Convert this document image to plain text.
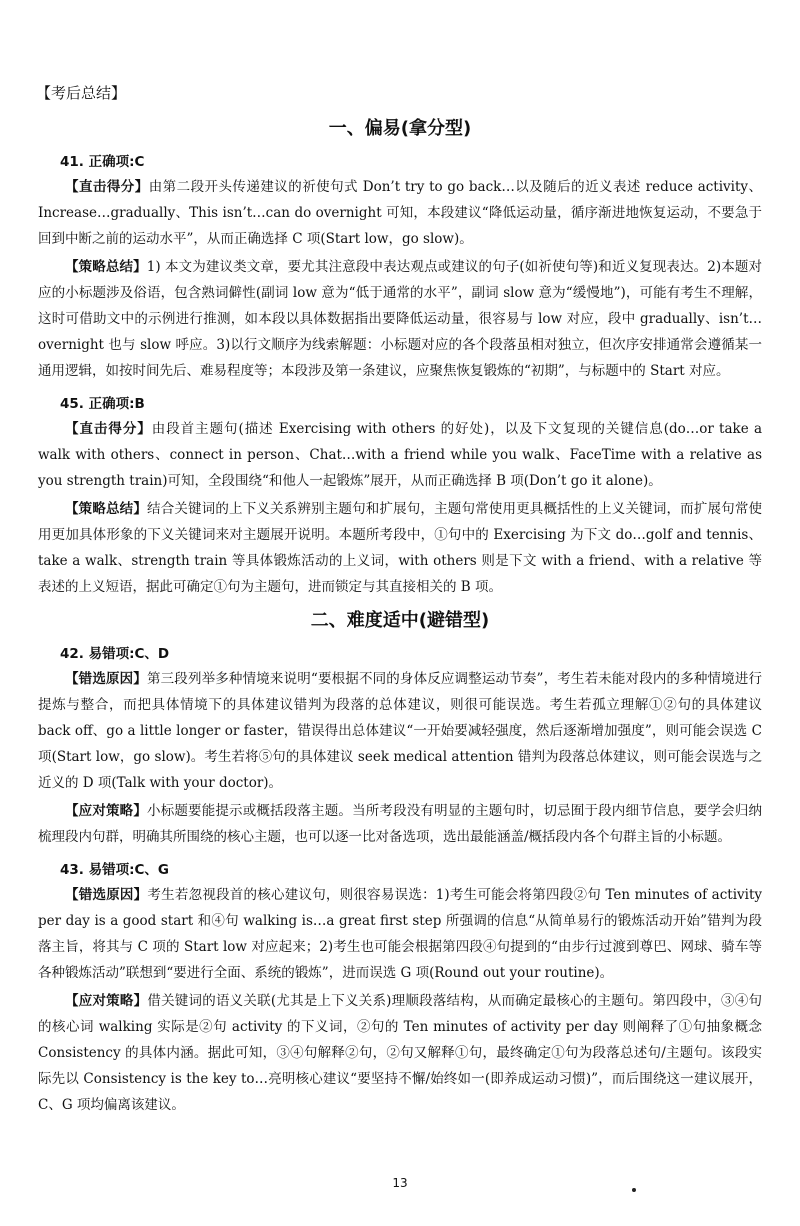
【考后总结】
一、偏易(拿分型)
41. 正确项:C

【直击得分】由第二段开头传递建议的祈使句式 Don’t try to go back…以及随后的近义表述 reduce activity、Increase…gradually、This isn’t…can do overnight 可知，本段建议“降低运动量，循序渐进地恢复运动，不要急于回到中断之前的运动水平”，从而正确选择 C 项(Start low，go slow)。

【策略总结】1) 本文为建议类文章，要尤其注意段中表达观点或建议的句子(如祈使句等)和近义复现表达。2)本题对应的小标题涉及俗语，包含熟词僻性(副词 low 意为“低于通常的水平”，副词 slow 意为“缓慢地”)，可能有考生不理解，这时可借助文中的示例进行推测，如本段以具体数据指出要降低运动量，很容易与 low 对应，段中 gradually、isn’t…overnight 也与 slow 呼应。3)以行文顺序为线索解题：小标题对应的各个段落虽相对独立，但次序安排通常会遵循某一通用逻辑，如按时间先后、难易程度等；本段涉及第一条建议，应聚焦恢复锻炼的“初期”，与标题中的 Start 对应。

45. 正确项:B

【直击得分】由段首主题句(描述 Exercising with others 的好处)，以及下文复现的关键信息(do…or take a walk with others、connect in person、Chat…with a friend while you walk、FaceTime with a relative as you strength train)可知，全段围绕“和他人一起锻炼”展开，从而正确选择 B 项(Don’t go it alone)。

【策略总结】结合关键词的上下义关系辨别主题句和扩展句，主题句常使用更具概括性的上义关键词，而扩展句常使用更加具体形象的下义关键词来对主题展开说明。本题所考段中，①句中的 Exercising 为下文 do…golf and tennis、take a walk、strength train 等具体锻炼活动的上义词，with others 则是下文 with a friend、with a relative 等表述的上义短语，据此可确定①句为主题句，进而锁定与其直接相关的 B 项。

二、难度适中(避错型)
42. 易错项:C、D

【错选原因】第三段列举多种情境来说明“要根据不同的身体反应调整运动节奏”，考生若未能对段内的多种情境进行提炼与整合，而把具体情境下的具体建议错判为段落的总体建议，则很可能误选。考生若孤立理解①②句的具体建议 back off、go a little longer or faster，错误得出总体建议“一开始要减轻强度，然后逐渐增加强度”，则可能会误选 C 项(Start low，go slow)。考生若将⑤句的具体建议 seek medical attention 错判为段落总体建议，则可能会误选与之近义的 D 项(Talk with your doctor)。

【应对策略】小标题要能提示或概括段落主题。当所考段没有明显的主题句时，切忌囿于段内细节信息，要学会归纳梳理段内句群，明确其所围绕的核心主题，也可以逐一比对备选项，选出最能涵盖/概括段内各个句群主旨的小标题。

43. 易错项:C、G

【错选原因】考生若忽视段首的核心建议句，则很容易误选：1)考生可能会将第四段②句 Ten minutes of activity per day is a good start 和④句 walking is…a great first step 所强调的信息“从简单易行的锻炼活动开始”错判为段落主旨，将其与 C 项的 Start low 对应起来；2)考生也可能会根据第四段④句提到的“由步行过渡到尊巴、网球、骑车等各种锻炼活动”联想到“要进行全面、系统的锻炼”，进而误选 G 项(Round out your routine)。

【应对策略】借关键词的语义关联(尤其是上下义关系)理顺段落结构，从而确定最核心的主题句。第四段中，③④句的核心词 walking 实际是②句 activity 的下义词，②句的 Ten minutes of activity per day 则阐释了①句抽象概念 Consistency 的具体内涵。据此可知，③④句解释②句，②句又解释①句，最终确定①句为段落总述句/主题句。该段实际先以 Consistency is the key to…亮明核心建议“要坚持不懈/始终如一(即养成运动习惯)”，而后围绕这一建议展开，C、G 项均偏离该建议。

13
